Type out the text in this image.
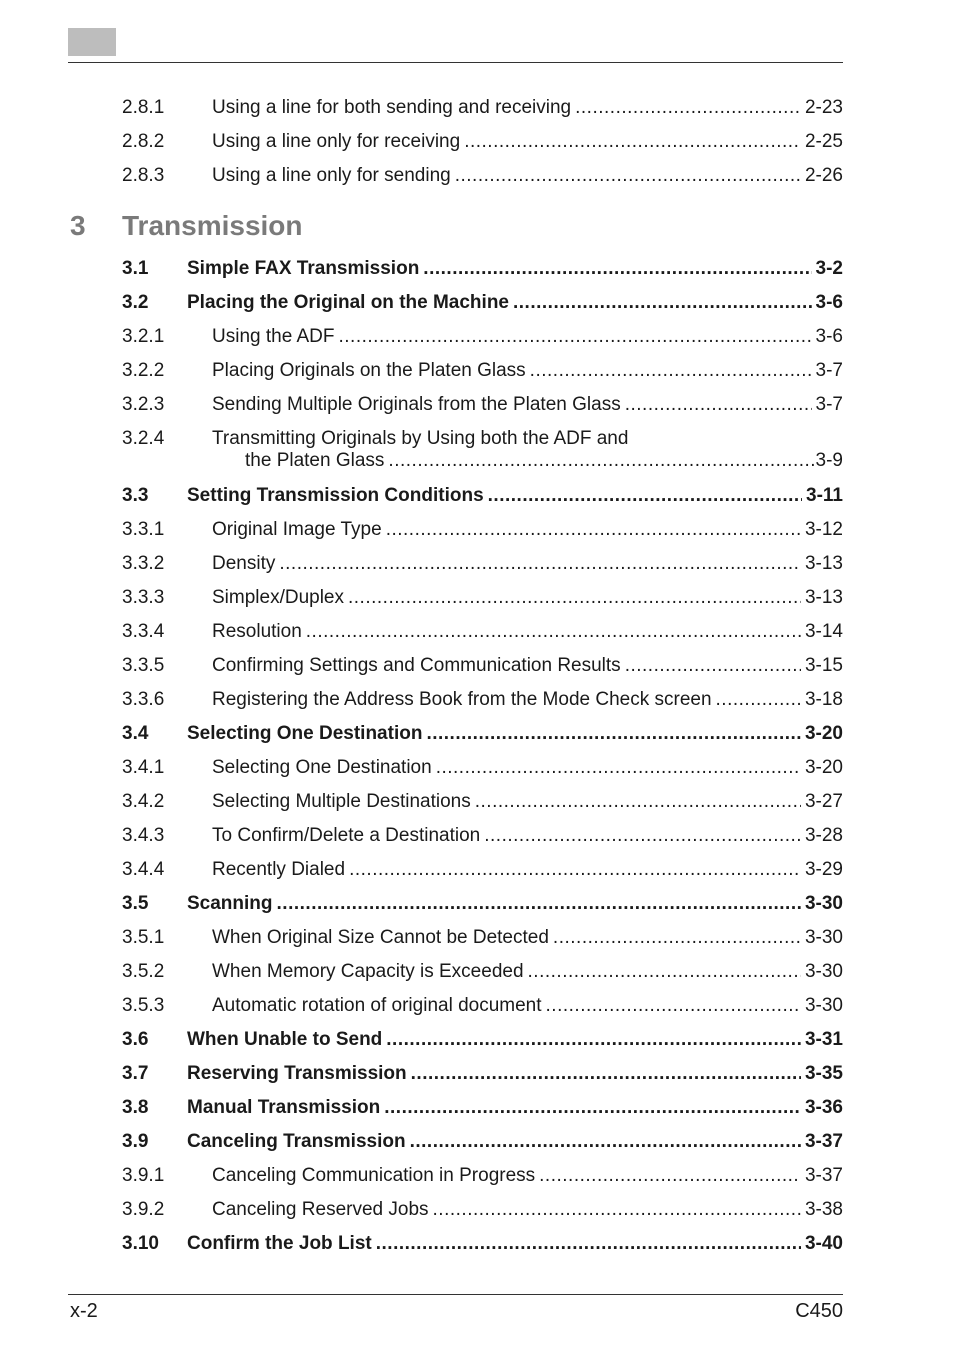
2.8.1	Using a line for both sending and receiving .....	2-23
2.8.2	Using a line only for receiving .....	2-25
2.8.3	Using a line only for sending .....	2-26
3	Transmission
3.1	Simple FAX Transmission .....	3-2
3.2	Placing the Original on the Machine .....	3-6
3.2.1	Using the ADF .....	3-6
3.2.2	Placing Originals on the Platen Glass .....	3-7
3.2.3	Sending Multiple Originals from the Platen Glass .....	3-7
3.2.4	Transmitting Originals by Using both the ADF and
the Platen Glass .....	3-9
3.3	Setting Transmission Conditions .....	3-11
3.3.1	Original Image Type .....	3-12
3.3.2	Density .....	3-13
3.3.3	Simplex/Duplex .....	3-13
3.3.4	Resolution .....	3-14
3.3.5	Confirming Settings and Communication Results .....	3-15
3.3.6	Registering the Address Book from the Mode Check screen .....	3-18
3.4	Selecting One Destination .....	3-20
3.4.1	Selecting One Destination .....	3-20
3.4.2	Selecting Multiple Destinations .....	3-27
3.4.3	To Confirm/Delete a Destination .....	3-28
3.4.4	Recently Dialed .....	3-29
3.5	Scanning .....	3-30
3.5.1	When Original Size Cannot be Detected .....	3-30
3.5.2	When Memory Capacity is Exceeded .....	3-30
3.5.3	Automatic rotation of original document .....	3-30
3.6	When Unable to Send .....	3-31
3.7	Reserving Transmission .....	3-35
3.8	Manual Transmission .....	3-36
3.9	Canceling Transmission .....	3-37
3.9.1	Canceling Communication in Progress .....	3-37
3.9.2	Canceling Reserved Jobs .....	3-38
3.10	Confirm the Job List .....	3-40
x-2	C450
